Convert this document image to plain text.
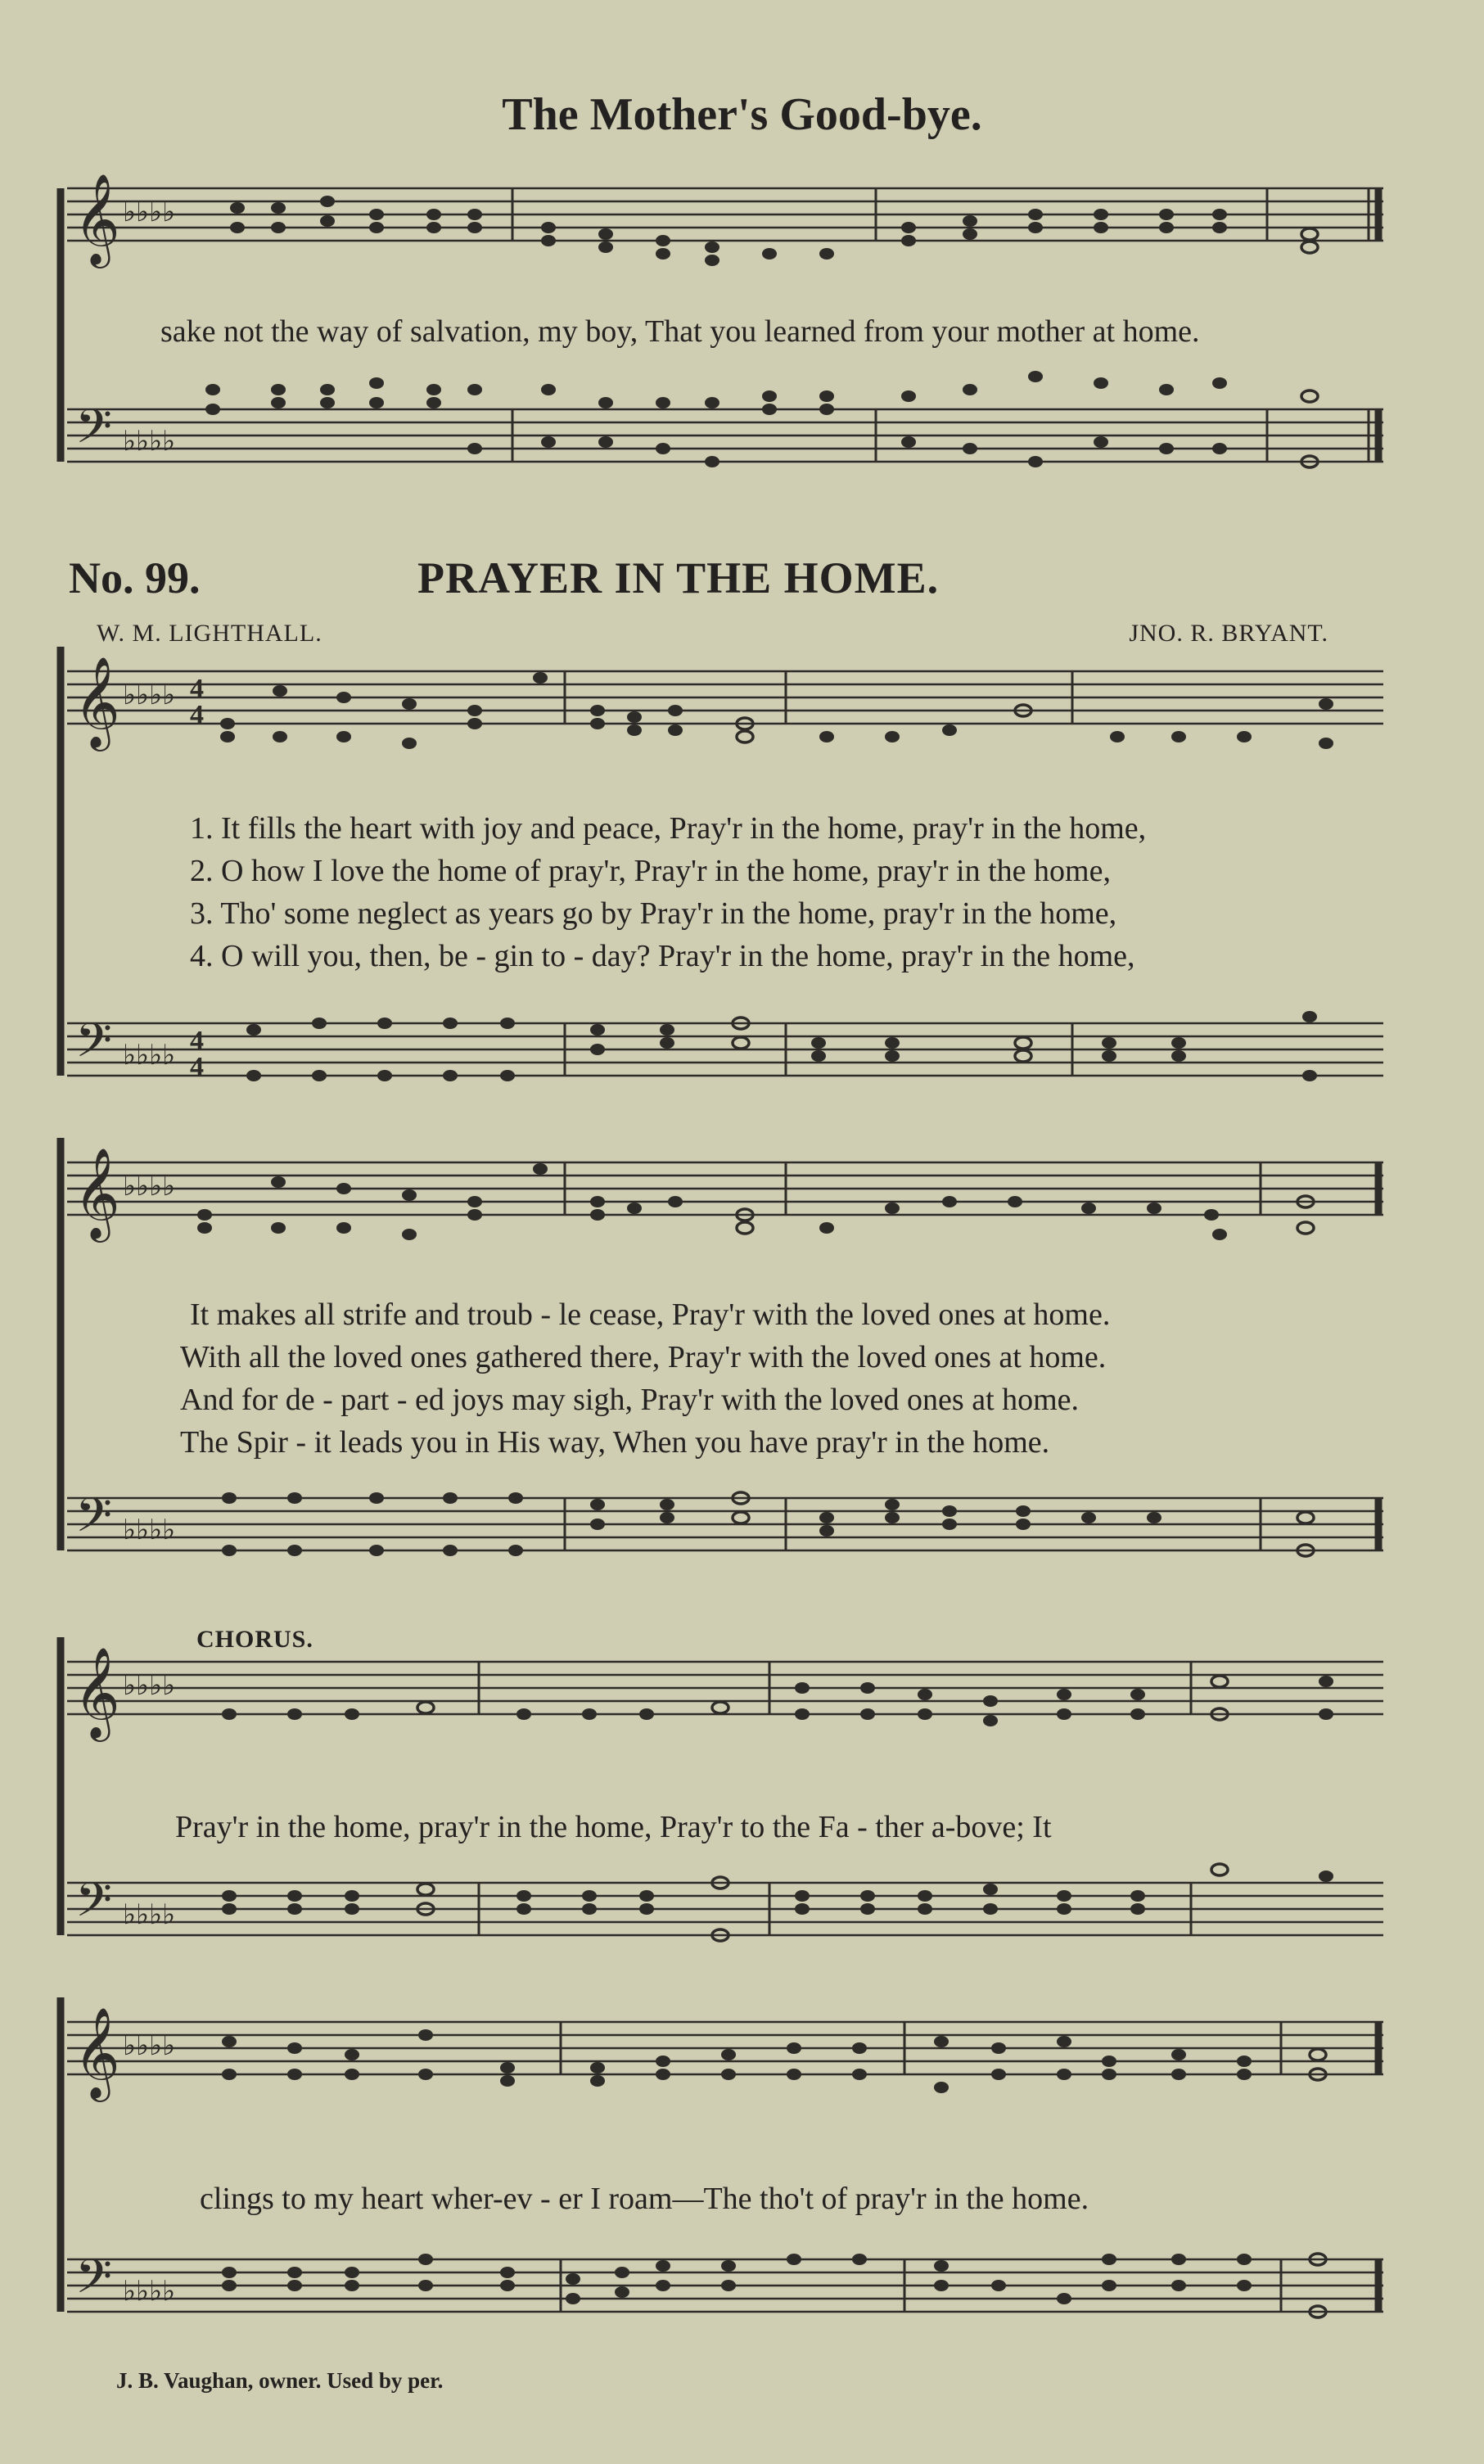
The Mother's Good-bye.
𝄞 ♭♭♭♭
sake not the way of salvation, my boy, That you learned from your mother at home.
𝄢 ♭♭♭♭
No. 99.	PRAYER IN THE HOME.
W. M. LIGHTHALL.	JNO. R. BRYANT.
𝄞 ♭♭♭♭ 4
4
1. It fills the heart with joy and peace, Pray'r in the home, pray'r in the home,
2. O how I love the home of pray'r, Pray'r in the home, pray'r in the home,
3. Tho' some neglect as years go by Pray'r in the home, pray'r in the home,
4. O will you, then, be - gin to - day? Pray'r in the home, pray'r in the home,
𝄢 ♭♭♭♭ 4
4
𝄞 ♭♭♭♭
It makes all strife and troub - le cease, Pray'r with the loved ones at home.
With all the loved ones gathered there, Pray'r with the loved ones at home.
And for de - part - ed joys may sigh, Pray'r with the loved ones at home.
The Spir - it leads you in His way, When you have pray'r in the home.
𝄢 ♭♭♭♭
CHORUS.
𝄞 ♭♭♭♭
Pray'r in the home, pray'r in the home, Pray'r to the Fa - ther a-bove; It
𝄢 ♭♭♭♭
𝄞 ♭♭♭♭
clings to my heart wher-ev - er I roam—The tho't of pray'r in the home.
𝄢 ♭♭♭♭
J. B. Vaughan, owner. Used by per.
